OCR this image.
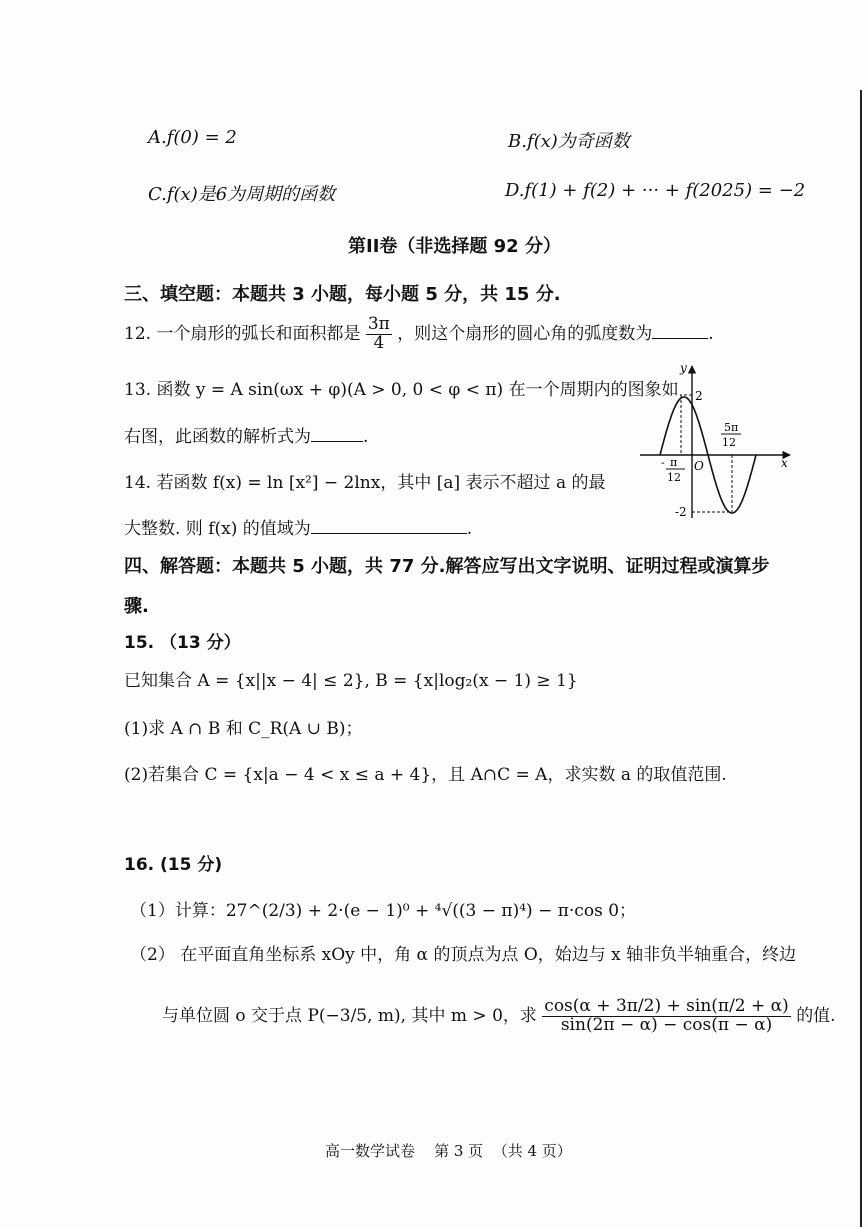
A.f(0) = 2	B.f(x)为奇函数
C.f(x)是6为周期的函数	D.f(1) + f(2) + ··· + f(2025) = −2
第II卷（非选择题 92 分）
三、填空题：本题共 3 小题，每小题 5 分，共 15 分.
12. 一个扇形的弧长和面积都是 $\frac{3\pi}{4}$ ，则这个扇形的圆心角的弧度数为	.
13. 函数 y = A sin(ωx + φ)(A > 0, 0 < φ < π) 在一个周期内的图象如
右图，此函数的解析式为	.
14. 若函数 f(x) = ln [x²] − 2lnx，其中 [a] 表示不超过 a 的最
大整数. 则 f(x) 的值域为	.
y
x
O
2
-2
- π
12
5π
12
四、解答题：本题共 5 小题，共 77 分.解答应写出文字说明、证明过程或演算步
骤.
15. （13 分）
已知集合 A = {x||x − 4| ≤ 2}, B = {x|log₂(x − 1) ≥ 1}
(1)求 A ∩ B 和 C_R(A ∪ B)；
(2)若集合 C = {x|a − 4 < x ≤ a + 4}，且 A∩C = A，求实数 a 的取值范围.
16. (15 分)
（1）计算：27^(2/3) + 2·(e − 1)⁰ + ⁴√((3 − π)⁴) − π·cos 0；
（2） 在平面直角坐标系 xOy 中，角 α 的顶点为点 O，始边与 x 轴非负半轴重合，终边
与单位圆 o 交于点 P(−3/5, m), 其中 m > 0，求 $\frac{\cos(\alpha + 3\pi/2) + \sin(\pi/2 + \alpha)}{\sin(2\pi - \alpha) - \cos(\pi - \alpha)}$ 的值.
高一数学试卷    第 3 页  （共 4 页）
